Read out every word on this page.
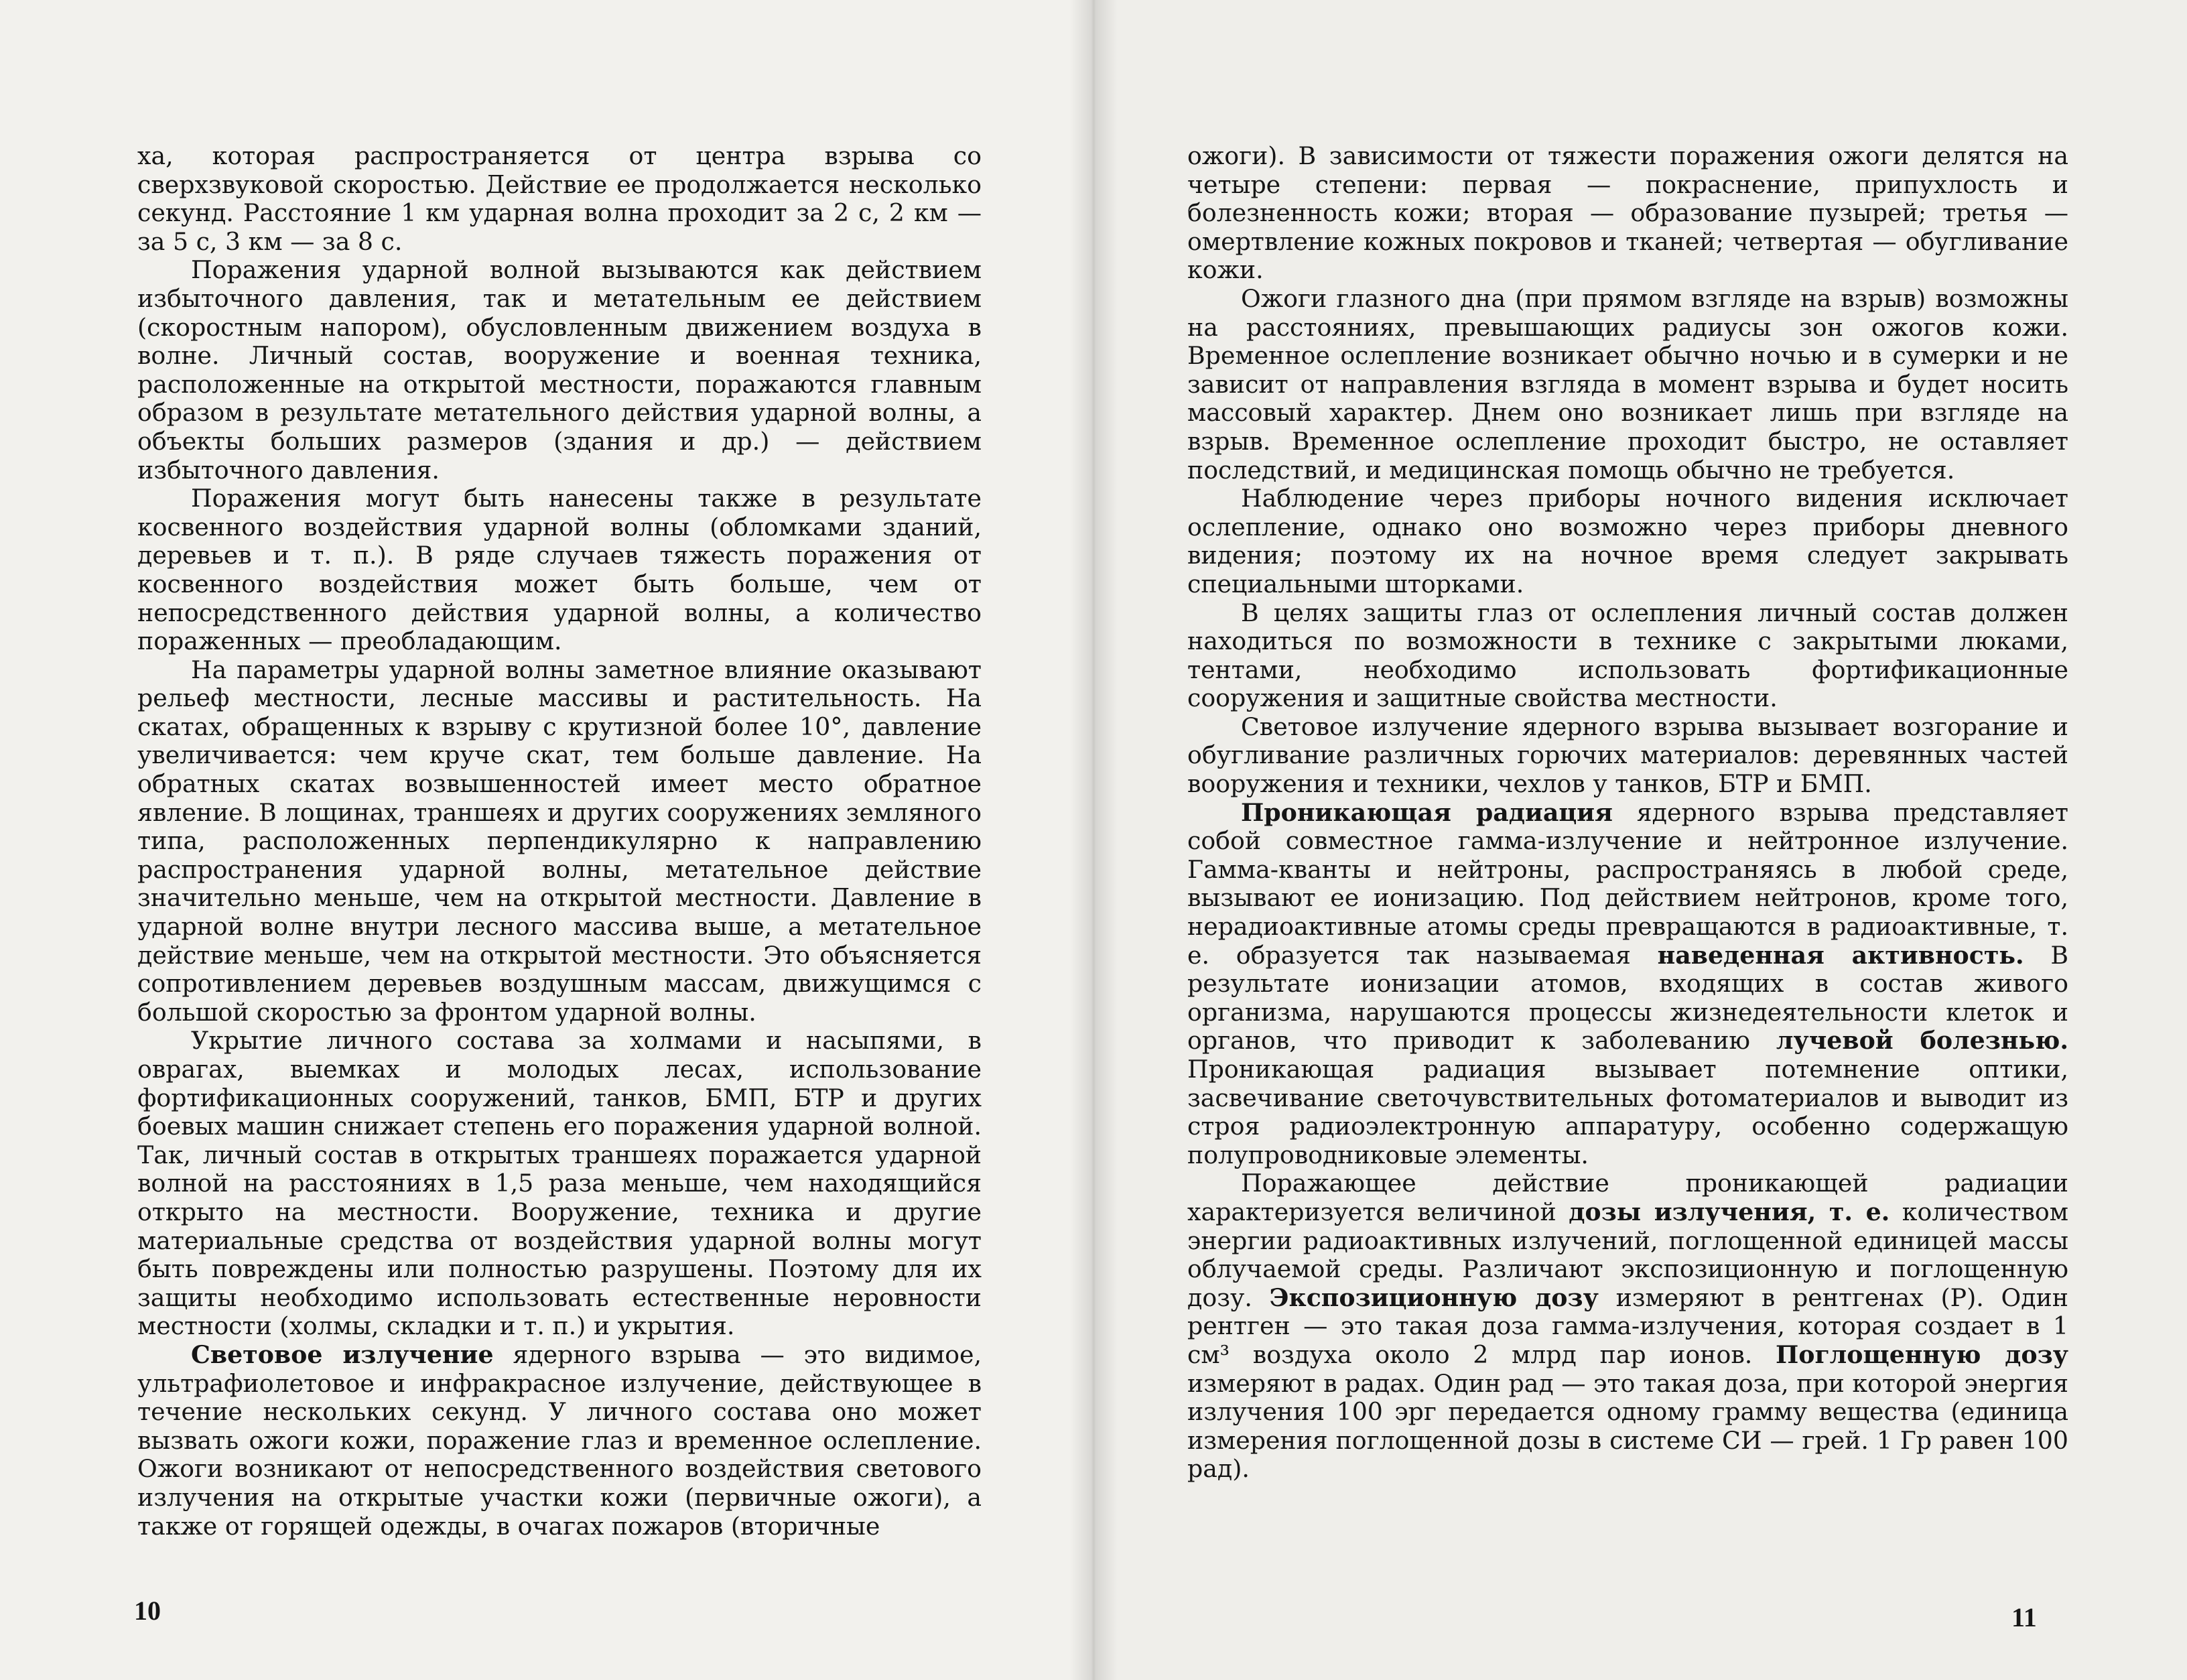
ха, которая распространяется от центра взрыва со сверхзвуковой скоростью. Действие ее продолжается несколько секунд. Расстояние 1 км ударная волна проходит за 2 с, 2 км — за 5 с, 3 км — за 8 с.

Поражения ударной волной вызываются как действием избыточного давления, так и метательным ее действием (скоростным напором), обусловленным движением воздуха в волне. Личный состав, вооружение и военная техника, расположенные на открытой местности, поражаются главным образом в результате метательного действия ударной волны, а объекты больших размеров (здания и др.) — действием избыточного давления.

Поражения могут быть нанесены также в результате косвенного воздействия ударной волны (обломками зданий, деревьев и т. п.). В ряде случаев тяжесть поражения от косвенного воздействия может быть больше, чем от непосредственного действия ударной волны, а количество пораженных — преобладающим.

На параметры ударной волны заметное влияние оказывают рельеф местности, лесные массивы и растительность. На скатах, обращенных к взрыву с крутизной более 10°, давление увеличивается: чем круче скат, тем больше давление. На обратных скатах возвышенностей имеет место обратное явление. В лощинах, траншеях и других сооружениях земляного типа, расположенных перпендикулярно к направлению распространения ударной волны, метательное действие значительно меньше, чем на открытой местности. Давление в ударной волне внутри лесного массива выше, а метательное действие меньше, чем на открытой местности. Это объясняется сопротивлением деревьев воздушным массам, движущимся с большой скоростью за фронтом ударной волны.

Укрытие личного состава за холмами и насыпями, в оврагах, выемках и молодых лесах, использование фортификационных сооружений, танков, БМП, БТР и других боевых машин снижает степень его поражения ударной волной. Так, личный состав в открытых траншеях поражается ударной волной на расстояниях в 1,5 раза меньше, чем находящийся открыто на местности. Вооружение, техника и другие материальные средства от воздействия ударной волны могут быть повреждены или полностью разрушены. Поэтому для их защиты необходимо использовать естественные неровности местности (холмы, складки и т. п.) и укрытия.

Световое излучение ядерного взрыва — это видимое, ультрафиолетовое и инфракрасное излучение, действующее в течение нескольких секунд. У личного состава оно может вызвать ожоги кожи, поражение глаз и временное ослепление. Ожоги возникают от непосредственного воздействия светового излучения на открытые участки кожи (первичные ожоги), а также от горящей одежды, в очагах пожаров (вторичные

10

ожоги). В зависимости от тяжести поражения ожоги делятся на четыре степени: первая — покраснение, припухлость и болезненность кожи; вторая — образование пузырей; третья — омертвление кожных покровов и тканей; четвертая — обугливание кожи.

Ожоги глазного дна (при прямом взгляде на взрыв) возможны на расстояниях, превышающих радиусы зон ожогов кожи. Временное ослепление возникает обычно ночью и в сумерки и не зависит от направления взгляда в момент взрыва и будет носить массовый характер. Днем оно возникает лишь при взгляде на взрыв. Временное ослепление проходит быстро, не оставляет последствий, и медицинская помощь обычно не требуется.

Наблюдение через приборы ночного видения исключает ослепление, однако оно возможно через приборы дневного видения; поэтому их на ночное время следует закрывать специальными шторками.

В целях защиты глаз от ослепления личный состав должен находиться по возможности в технике с закрытыми люками, тентами, необходимо использовать фортификационные сооружения и защитные свойства местности.

Световое излучение ядерного взрыва вызывает возгорание и обугливание различных горючих материалов: деревянных частей вооружения и техники, чехлов у танков, БТР и БМП.

Проникающая радиация ядерного взрыва представляет собой совместное гамма-излучение и нейтронное излучение. Гамма-кванты и нейтроны, распространяясь в любой среде, вызывают ее ионизацию. Под действием нейтронов, кроме того, нерадиоактивные атомы среды превращаются в радиоактивные, т. е. образуется так называемая наведенная активность. В результате ионизации атомов, входящих в состав живого организма, нарушаются процессы жизнедеятельности клеток и органов, что приводит к заболеванию лучевой болезнью. Проникающая радиация вызывает потемнение оптики, засвечивание светочувствительных фотоматериалов и выводит из строя радиоэлектронную аппаратуру, особенно содержащую полупроводниковые элементы.

Поражающее действие проникающей радиации характеризуется величиной дозы излучения, т. е. количеством энергии радиоактивных излучений, поглощенной единицей массы облучаемой среды. Различают экспозиционную и поглощенную дозу. Экспозиционную дозу измеряют в рентгенах (Р). Один рентген — это такая доза гамма-излучения, которая создает в 1 см³ воздуха около 2 млрд пар ионов. Поглощенную дозу измеряют в радах. Один рад — это такая доза, при которой энергия излучения 100 эрг передается одному грамму вещества (единица измерения поглощенной дозы в системе СИ — грей. 1 Гр равен 100 рад).

11
